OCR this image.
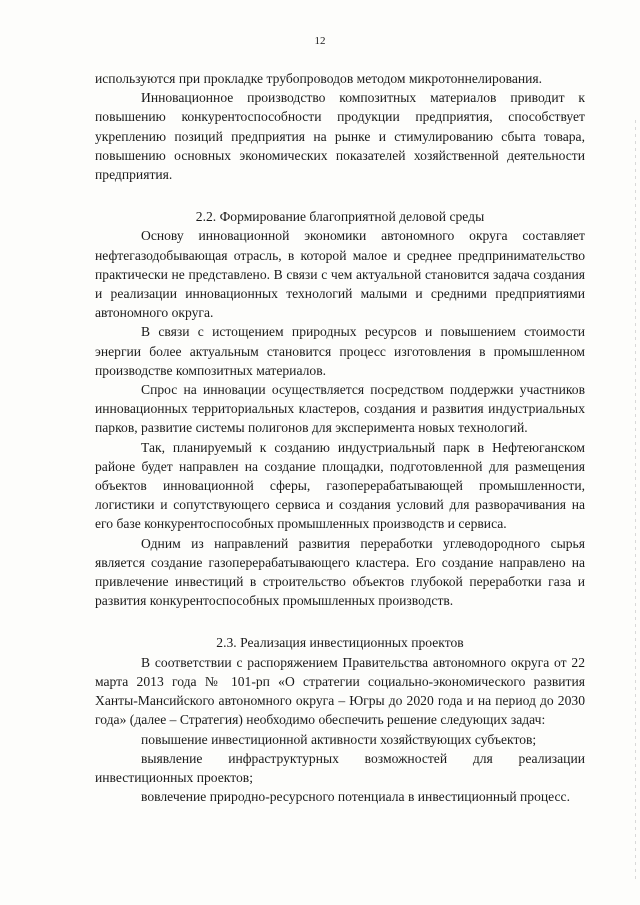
12

используются при прокладке трубопроводов методом микротоннелирования.

Инновационное производство композитных материалов приводит к повышению конкурентоспособности продукции предприятия, способствует укреплению позиций предприятия на рынке и стимулированию сбыта товара, повышению основных экономических показателей хозяйственной деятельности предприятия.

2.2. Формирование благоприятной деловой среды

Основу инновационной экономики автономного округа составляет нефтегазодобывающая отрасль, в которой малое и среднее предпринимательство практически не представлено. В связи с чем актуальной становится задача создания и реализации инновационных технологий малыми и средними предприятиями автономного округа.

В связи с истощением природных ресурсов и повышением стоимости энергии более актуальным становится процесс изготовления в промышленном производстве композитных материалов.

Спрос на инновации осуществляется посредством поддержки участников инновационных территориальных кластеров, создания и развития индустриальных парков, развитие системы полигонов для эксперимента новых технологий.

Так, планируемый к созданию индустриальный парк в Нефтеюганском районе будет направлен на создание площадки, подготовленной для размещения объектов инновационной сферы, газоперерабатывающей промышленности, логистики и сопутствующего сервиса и создания условий для разворачивания на его базе конкурентоспособных промышленных производств и сервиса.

Одним из направлений развития переработки углеводородного сырья является создание газоперерабатывающего кластера. Его создание направлено на привлечение инвестиций в строительство объектов глубокой переработки газа и развития конкурентоспособных промышленных производств.

2.3. Реализация инвестиционных проектов

В соответствии с распоряжением Правительства автономного округа от 22 марта 2013 года № 101-рп «О стратегии социально-экономического развития Ханты-Мансийского автономного округа – Югры до 2020 года и на период до 2030 года» (далее – Стратегия) необходимо обеспечить решение следующих задач:

повышение инвестиционной активности хозяйствующих субъектов;

выявление инфраструктурных возможностей для реализации инвестиционных проектов;

вовлечение природно-ресурсного потенциала в инвестиционный процесс.
